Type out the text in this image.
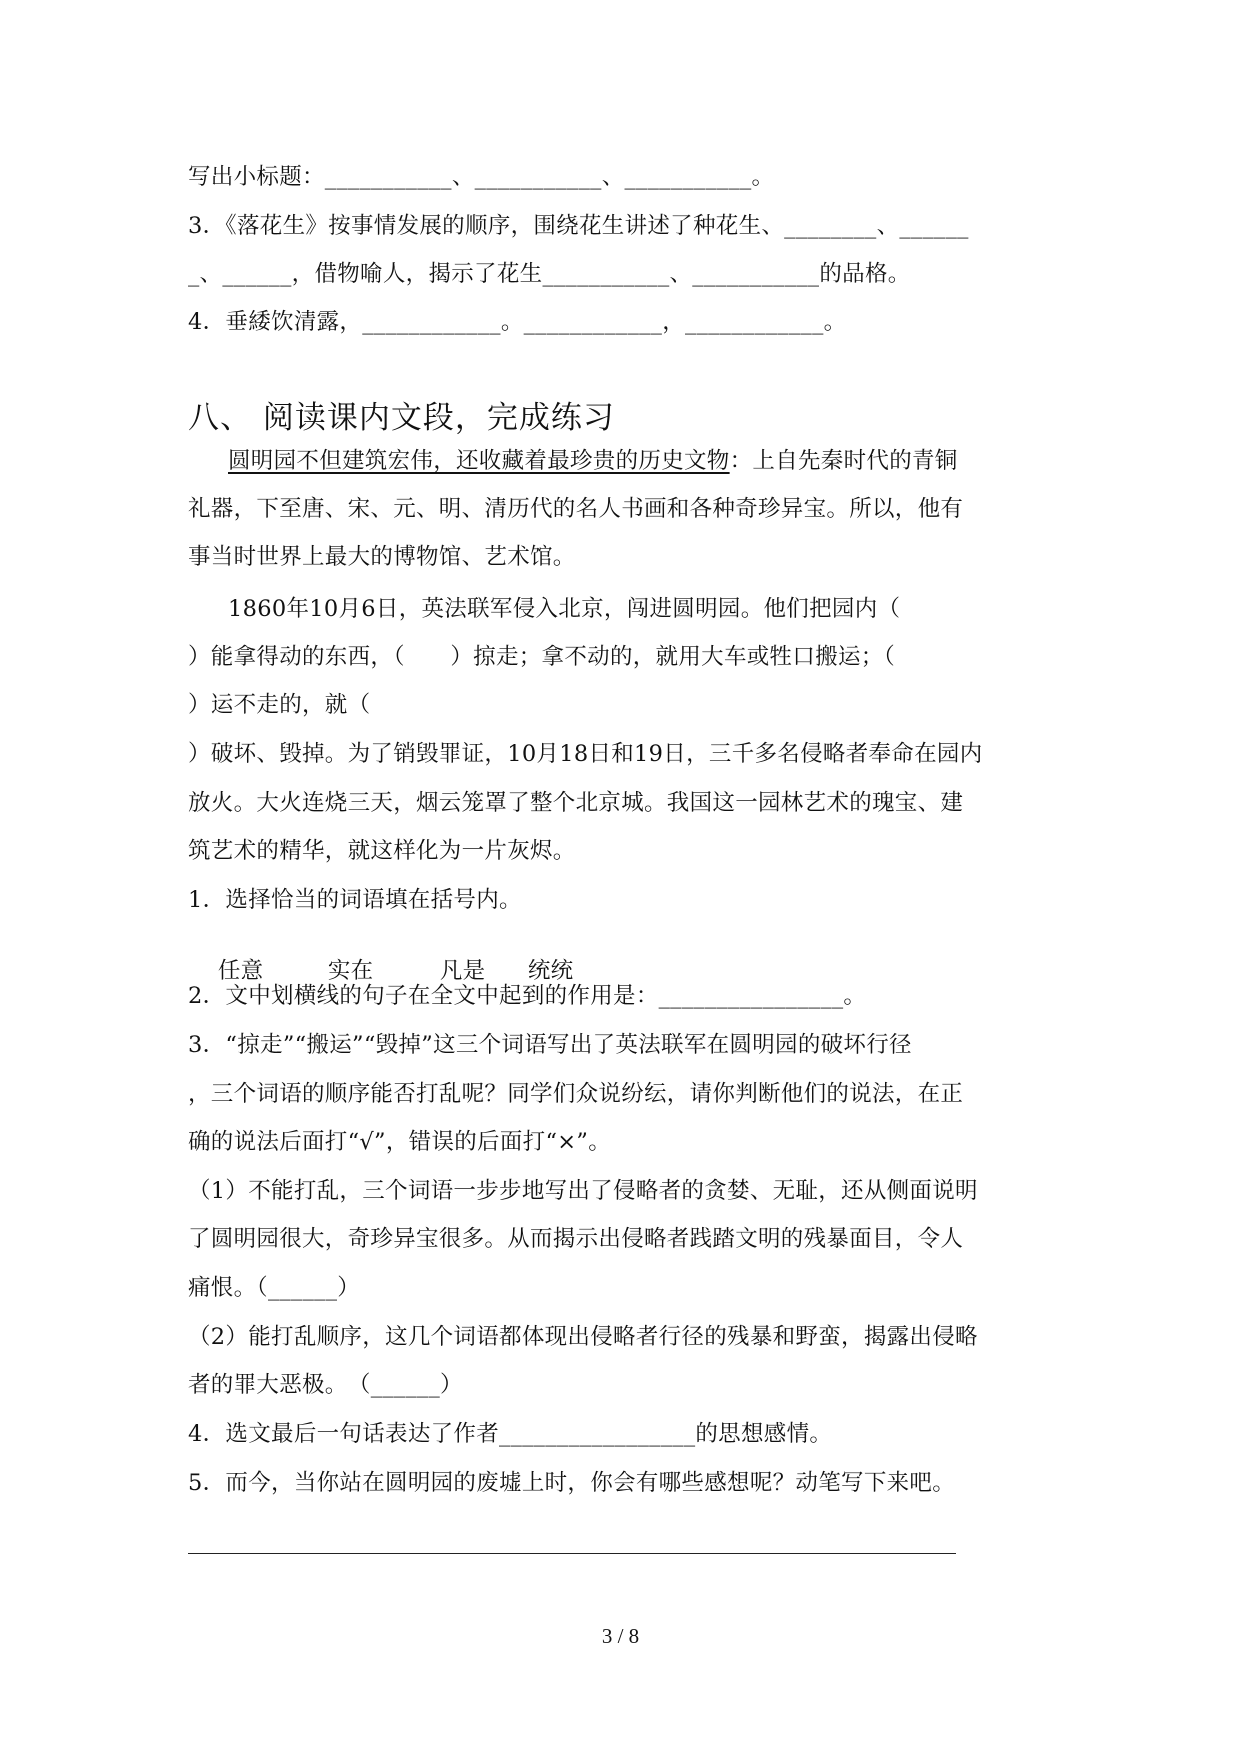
写出小标题：___________、___________、___________。
3．《落花生》按事情发展的顺序，围绕花生讲述了种花生、________、______
_、______，借物喻人，揭示了花生___________、___________的品格。
4．垂緌饮清露，____________。____________，____________。
八、 阅读课内文段，完成练习
圆明园不但建筑宏伟，还收藏着最珍贵的历史文物：上自先秦时代的青铜
礼器，下至唐、宋、元、明、清历代的名人书画和各种奇珍异宝。所以，他有
事当时世界上最大的博物馆、艺术馆。
1860年10月6日，英法联军侵入北京，闯进圆明园。他们把园内（
）能拿得动的东西，（　　）掠走；拿不动的，就用大车或牲口搬运；（
）运不走的，就（
）破坏、毁掉。为了销毁罪证，10月18日和19日，三千多名侵略者奉命在园内
放火。大火连烧三天，烟云笼罩了整个北京城。我国这一园林艺术的瑰宝、建
筑艺术的精华，就这样化为一片灰烬。
1．选择恰当的词语填在括号内。

任意	实在	凡是 统统

2．文中划横线的句子在全文中起到的作用是：________________。
3．“掠走”“搬运”“毁掉”这三个词语写出了英法联军在圆明园的破坏行径
，三个词语的顺序能否打乱呢？同学们众说纷纭，请你判断他们的说法，在正
确的说法后面打“√”，错误的后面打“×”。
（1）不能打乱，三个词语一步步地写出了侵略者的贪婪、无耻，还从侧面说明
了圆明园很大，奇珍异宝很多。从而揭示出侵略者践踏文明的残暴面目，令人
痛恨。（______）
（2）能打乱顺序，这几个词语都体现出侵略者行径的残暴和野蛮，揭露出侵略
者的罪大恶极。　（______）
4．选文最后一句话表达了作者_________________的思想感情。
5．而今，当你站在圆明园的废墟上时，你会有哪些感想呢？动笔写下来吧。
3 / 8
